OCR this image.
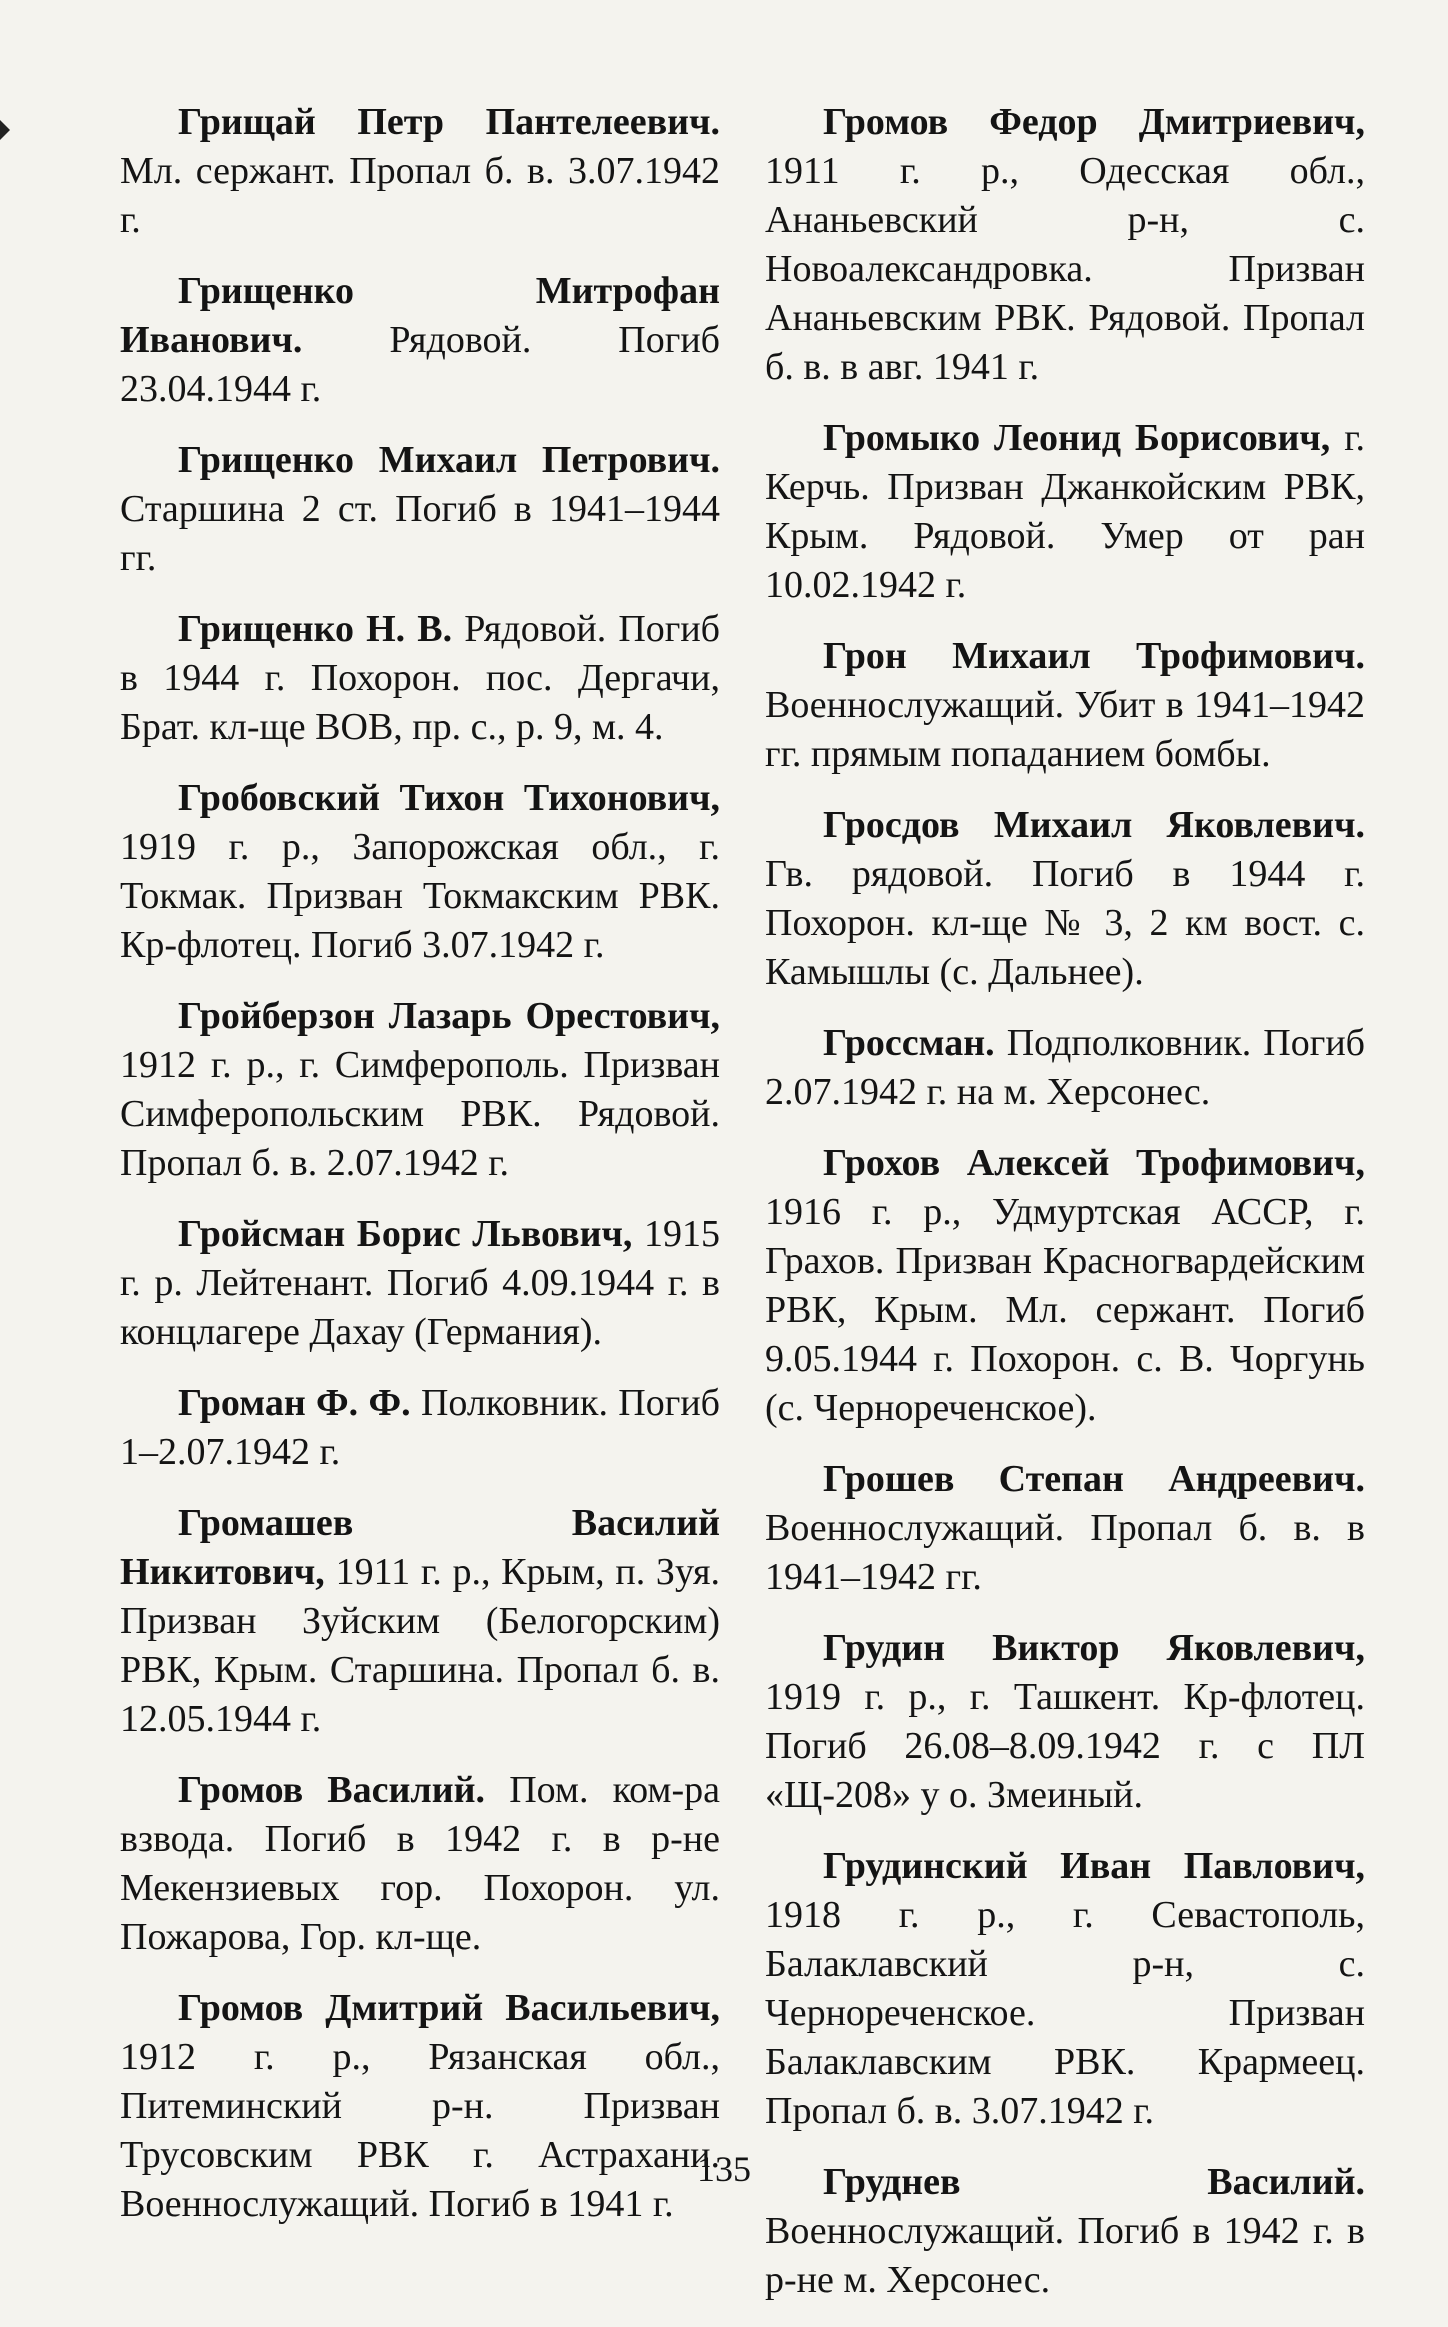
Грищай Петр Пантелеевич. Мл. сержант. Пропал б. в. 3.07.1942 г.

Грищенко Митрофан Иванович. Рядовой. Погиб 23.04.1944 г.

Грищенко Михаил Петрович. Старшина 2 ст. Погиб в 1941–1944 гг.

Грищенко Н. В. Рядовой. Погиб в 1944 г. Похорон. пос. Дергачи, Брат. кл-ще ВОВ, пр. с., р. 9, м. 4.

Гробовский Тихон Тихонович, 1919 г. р., Запорожская обл., г. Токмак. Призван Токмакским РВК. Кр-флотец. Погиб 3.07.1942 г.

Гройберзон Лазарь Орестович, 1912 г. р., г. Симферополь. Призван Симферопольским РВК. Рядовой. Пропал б. в. 2.07.1942 г.

Гройсман Борис Львович, 1915 г. р. Лейтенант. Погиб 4.09.1944 г. в концлагере Дахау (Германия).

Громан Ф. Ф. Полковник. Погиб 1–2.07.1942 г.

Громашев Василий Никитович, 1911 г. р., Крым, п. Зуя. Призван Зуйским (Белогорским) РВК, Крым. Старшина. Пропал б. в. 12.05.1944 г.

Громов Василий. Пом. ком-ра взвода. Погиб в 1942 г. в р-не Мекензиевых гор. Похорон. ул. Пожарова, Гор. кл-ще.

Громов Дмитрий Васильевич, 1912 г. р., Рязанская обл., Питеминский р-н. Призван Трусовским РВК г. Астрахани. Военнослужащий. Погиб в 1941 г.

Громов Федор Дмитриевич, 1911 г. р., Одесская обл., Ананьевский р-н, с. Новоалександровка. Призван Ананьевским РВК. Рядовой. Пропал б. в. в авг. 1941 г.

Громыко Леонид Борисович, г. Керчь. Призван Джанкойским РВК, Крым. Рядовой. Умер от ран 10.02.1942 г.

Грон Михаил Трофимович. Военнослужащий. Убит в 1941–1942 гг. прямым попаданием бомбы.

Гросдов Михаил Яковлевич. Гв. рядовой. Погиб в 1944 г. Похорон. кл-ще № 3, 2 км вост. с. Камышлы (с. Дальнее).

Гроссман. Подполковник. Погиб 2.07.1942 г. на м. Херсонес.

Грохов Алексей Трофимович, 1916 г. р., Удмуртская АССР, г. Грахов. Призван Красногвардейским РВК, Крым. Мл. сержант. Погиб 9.05.1944 г. Похорон. с. В. Чоргунь (с. Чернореченское).

Грошев Степан Андреевич. Военнослужащий. Пропал б. в. в 1941–1942 гг.

Грудин Виктор Яковлевич, 1919 г. р., г. Ташкент. Кр-флотец. Погиб 26.08–8.09.1942 г. с ПЛ «Щ-208» у о. Змеиный.

Грудинский Иван Павлович, 1918 г. р., г. Севастополь, Балаклавский р-н, с. Черноречeнское. Призван Балаклавским РВК. Крармеец. Пропал б. в. 3.07.1942 г.

Груднев Василий. Военнослужащий. Погиб в 1942 г. в р-не м. Херсонес.

135
